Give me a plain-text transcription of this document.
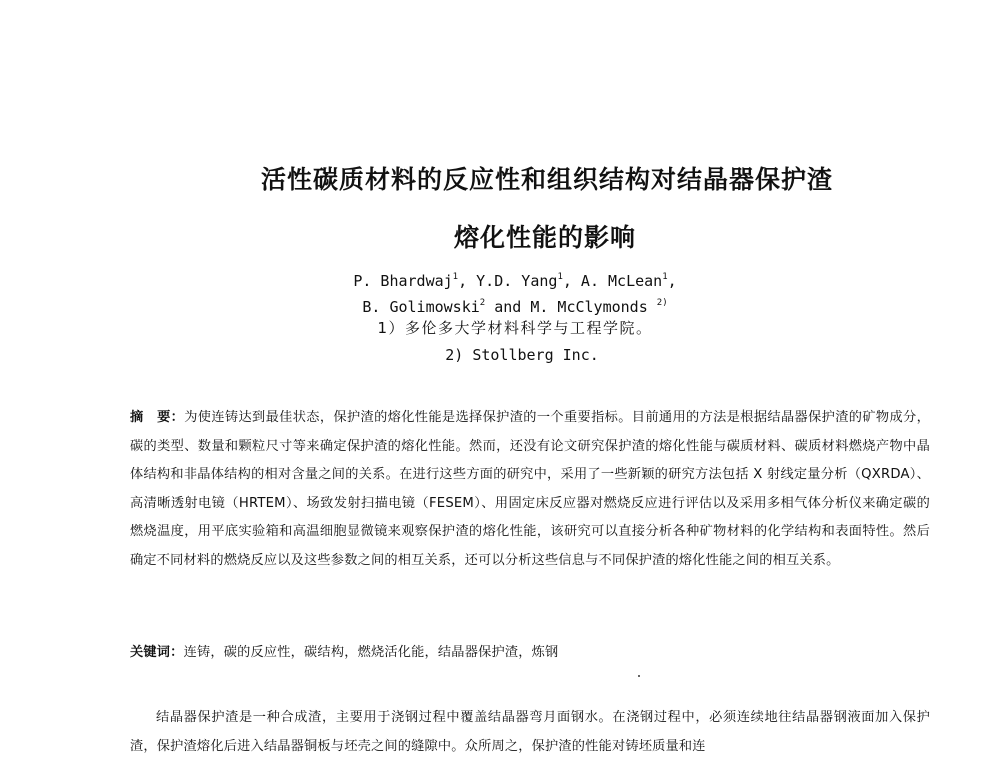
活性碳质材料的反应性和组织结构对结晶器保护渣
熔化性能的影响
P. Bhardwaj$^1$, Y.D. Yang$^1$, A. McLean$^1$,
B. Golimowski$^2$ and M. McClymonds $^{2)}$
1）多伦多大学材料科学与工程学院。
2) Stollberg Inc.
摘　要：为使连铸达到最佳状态，保护渣的熔化性能是选择保护渣的一个重要指标。目前通用的方法是根据结晶器保护渣的矿物成分，碳的类型、数量和颗粒尺寸等来确定保护渣的熔化性能。然而，还没有论文研究保护渣的熔化性能与碳质材料、碳质材料燃烧产物中晶体结构和非晶体结构的相对含量之间的关系。在进行这些方面的研究中，采用了一些新颖的研究方法包括 X 射线定量分析（QXRDA）、高清晰透射电镜（HRTEM）、场致发射扫描电镜（FESEM）、用固定床反应器对燃烧反应进行评估以及采用多相气体分析仪来确定碳的燃烧温度，用平底实验箱和高温细胞显微镜来观察保护渣的熔化性能，该研究可以直接分析各种矿物材料的化学结构和表面特性。然后确定不同材料的燃烧反应以及这些参数之间的相互关系，还可以分析这些信息与不同保护渣的熔化性能之间的相互关系。
关键词：连铸，碳的反应性，碳结构，燃烧活化能，结晶器保护渣，炼钢
结晶器保护渣是一种合成渣，主要用于浇钢过程中覆盖结晶器弯月面钢水。在浇钢过程中，必须连续地往结晶器钢液面加入保护渣，保护渣熔化后进入结晶器铜板与坯壳之间的缝隙中。众所周之，保护渣的性能对铸坯质量和连
